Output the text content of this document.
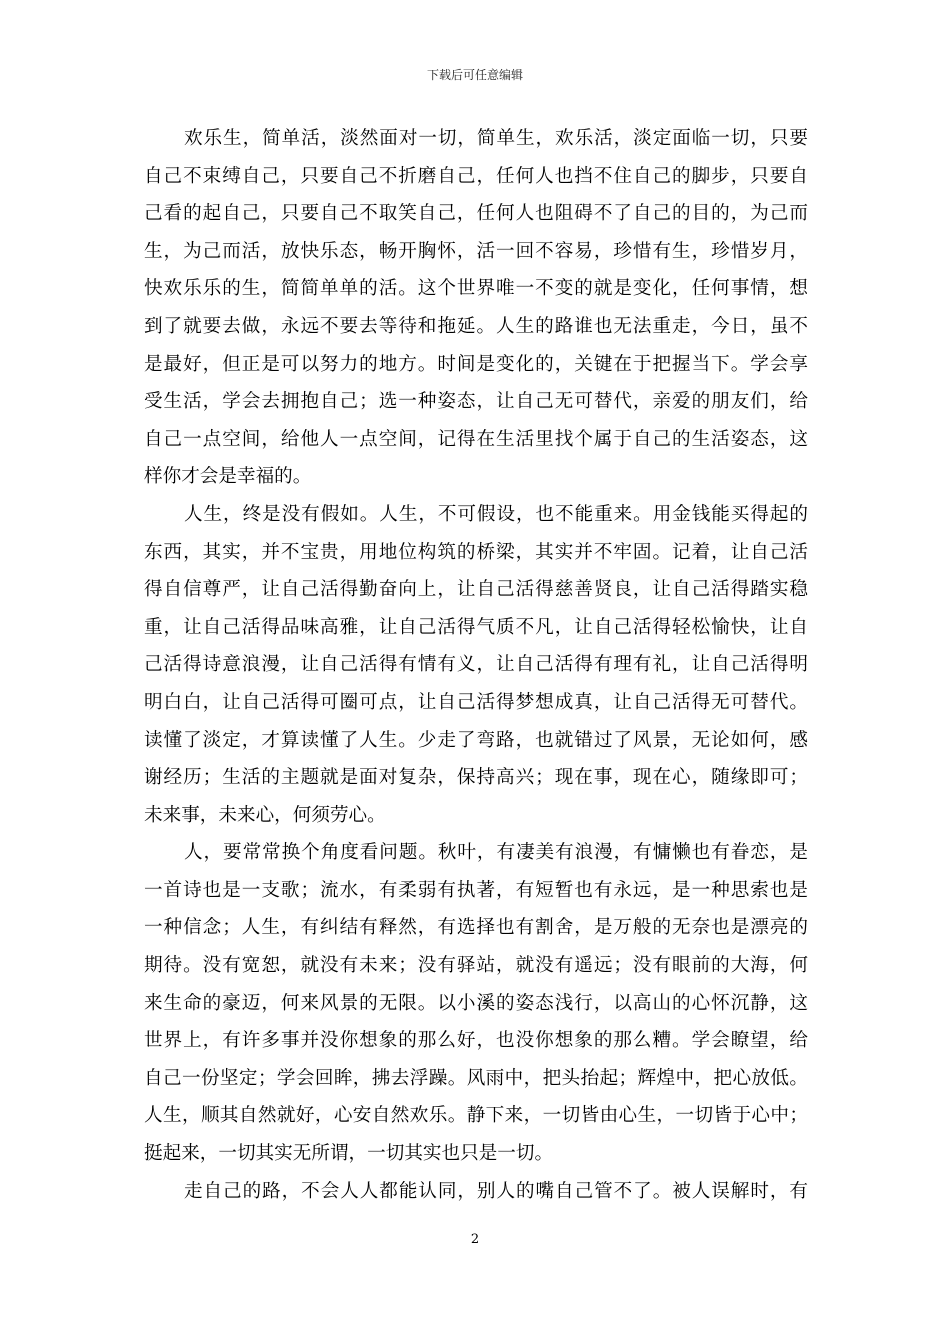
下载后可任意编辑
欢乐生，简单活，淡然面对一切，简单生，欢乐活，淡定面临一切，只要
自己不束缚自己，只要自己不折磨自己，任何人也挡不住自己的脚步，只要自
己看的起自己，只要自己不取笑自己，任何人也阻碍不了自己的目的，为己而
生，为己而活，放快乐态，畅开胸怀，活一回不容易，珍惜有生，珍惜岁月，
快欢乐乐的生，简简单单的活。这个世界唯一不变的就是变化，任何事情，想
到了就要去做，永远不要去等待和拖延。人生的路谁也无法重走，今日，虽不
是最好，但正是可以努力的地方。时间是变化的，关键在于把握当下。学会享
受生活，学会去拥抱自己；选一种姿态，让自己无可替代，亲爱的朋友们，给
自己一点空间，给他人一点空间，记得在生活里找个属于自己的生活姿态，这
样你才会是幸福的。
人生，终是没有假如。人生，不可假设，也不能重来。用金钱能买得起的
东西，其实，并不宝贵，用地位构筑的桥梁，其实并不牢固。记着，让自己活
得自信尊严，让自己活得勤奋向上，让自己活得慈善贤良，让自己活得踏实稳
重，让自己活得品味高雅，让自己活得气质不凡，让自己活得轻松愉快，让自
己活得诗意浪漫，让自己活得有情有义，让自己活得有理有礼，让自己活得明
明白白，让自己活得可圈可点，让自己活得梦想成真，让自己活得无可替代。
读懂了淡定，才算读懂了人生。少走了弯路，也就错过了风景，无论如何，感
谢经历；生活的主题就是面对复杂，保持高兴；现在事，现在心，随缘即可；
未来事，未来心，何须劳心。
人，要常常换个角度看问题。秋叶，有凄美有浪漫，有慵懒也有眷恋，是
一首诗也是一支歌；流水，有柔弱有执著，有短暂也有永远，是一种思索也是
一种信念；人生，有纠结有释然，有选择也有割舍，是万般的无奈也是漂亮的
期待。没有宽恕，就没有未来；没有驿站，就没有遥远；没有眼前的大海，何
来生命的豪迈，何来风景的无限。以小溪的姿态浅行，以高山的心怀沉静，这
世界上，有许多事并没你想象的那么好，也没你想象的那么糟。学会瞭望，给
自己一份坚定；学会回眸，拂去浮躁。风雨中，把头抬起；辉煌中，把心放低。
人生，顺其自然就好，心安自然欢乐。静下来，一切皆由心生，一切皆于心中；
挺起来，一切其实无所谓，一切其实也只是一切。
走自己的路，不会人人都能认同，别人的嘴自己管不了。被人误解时，有
2
